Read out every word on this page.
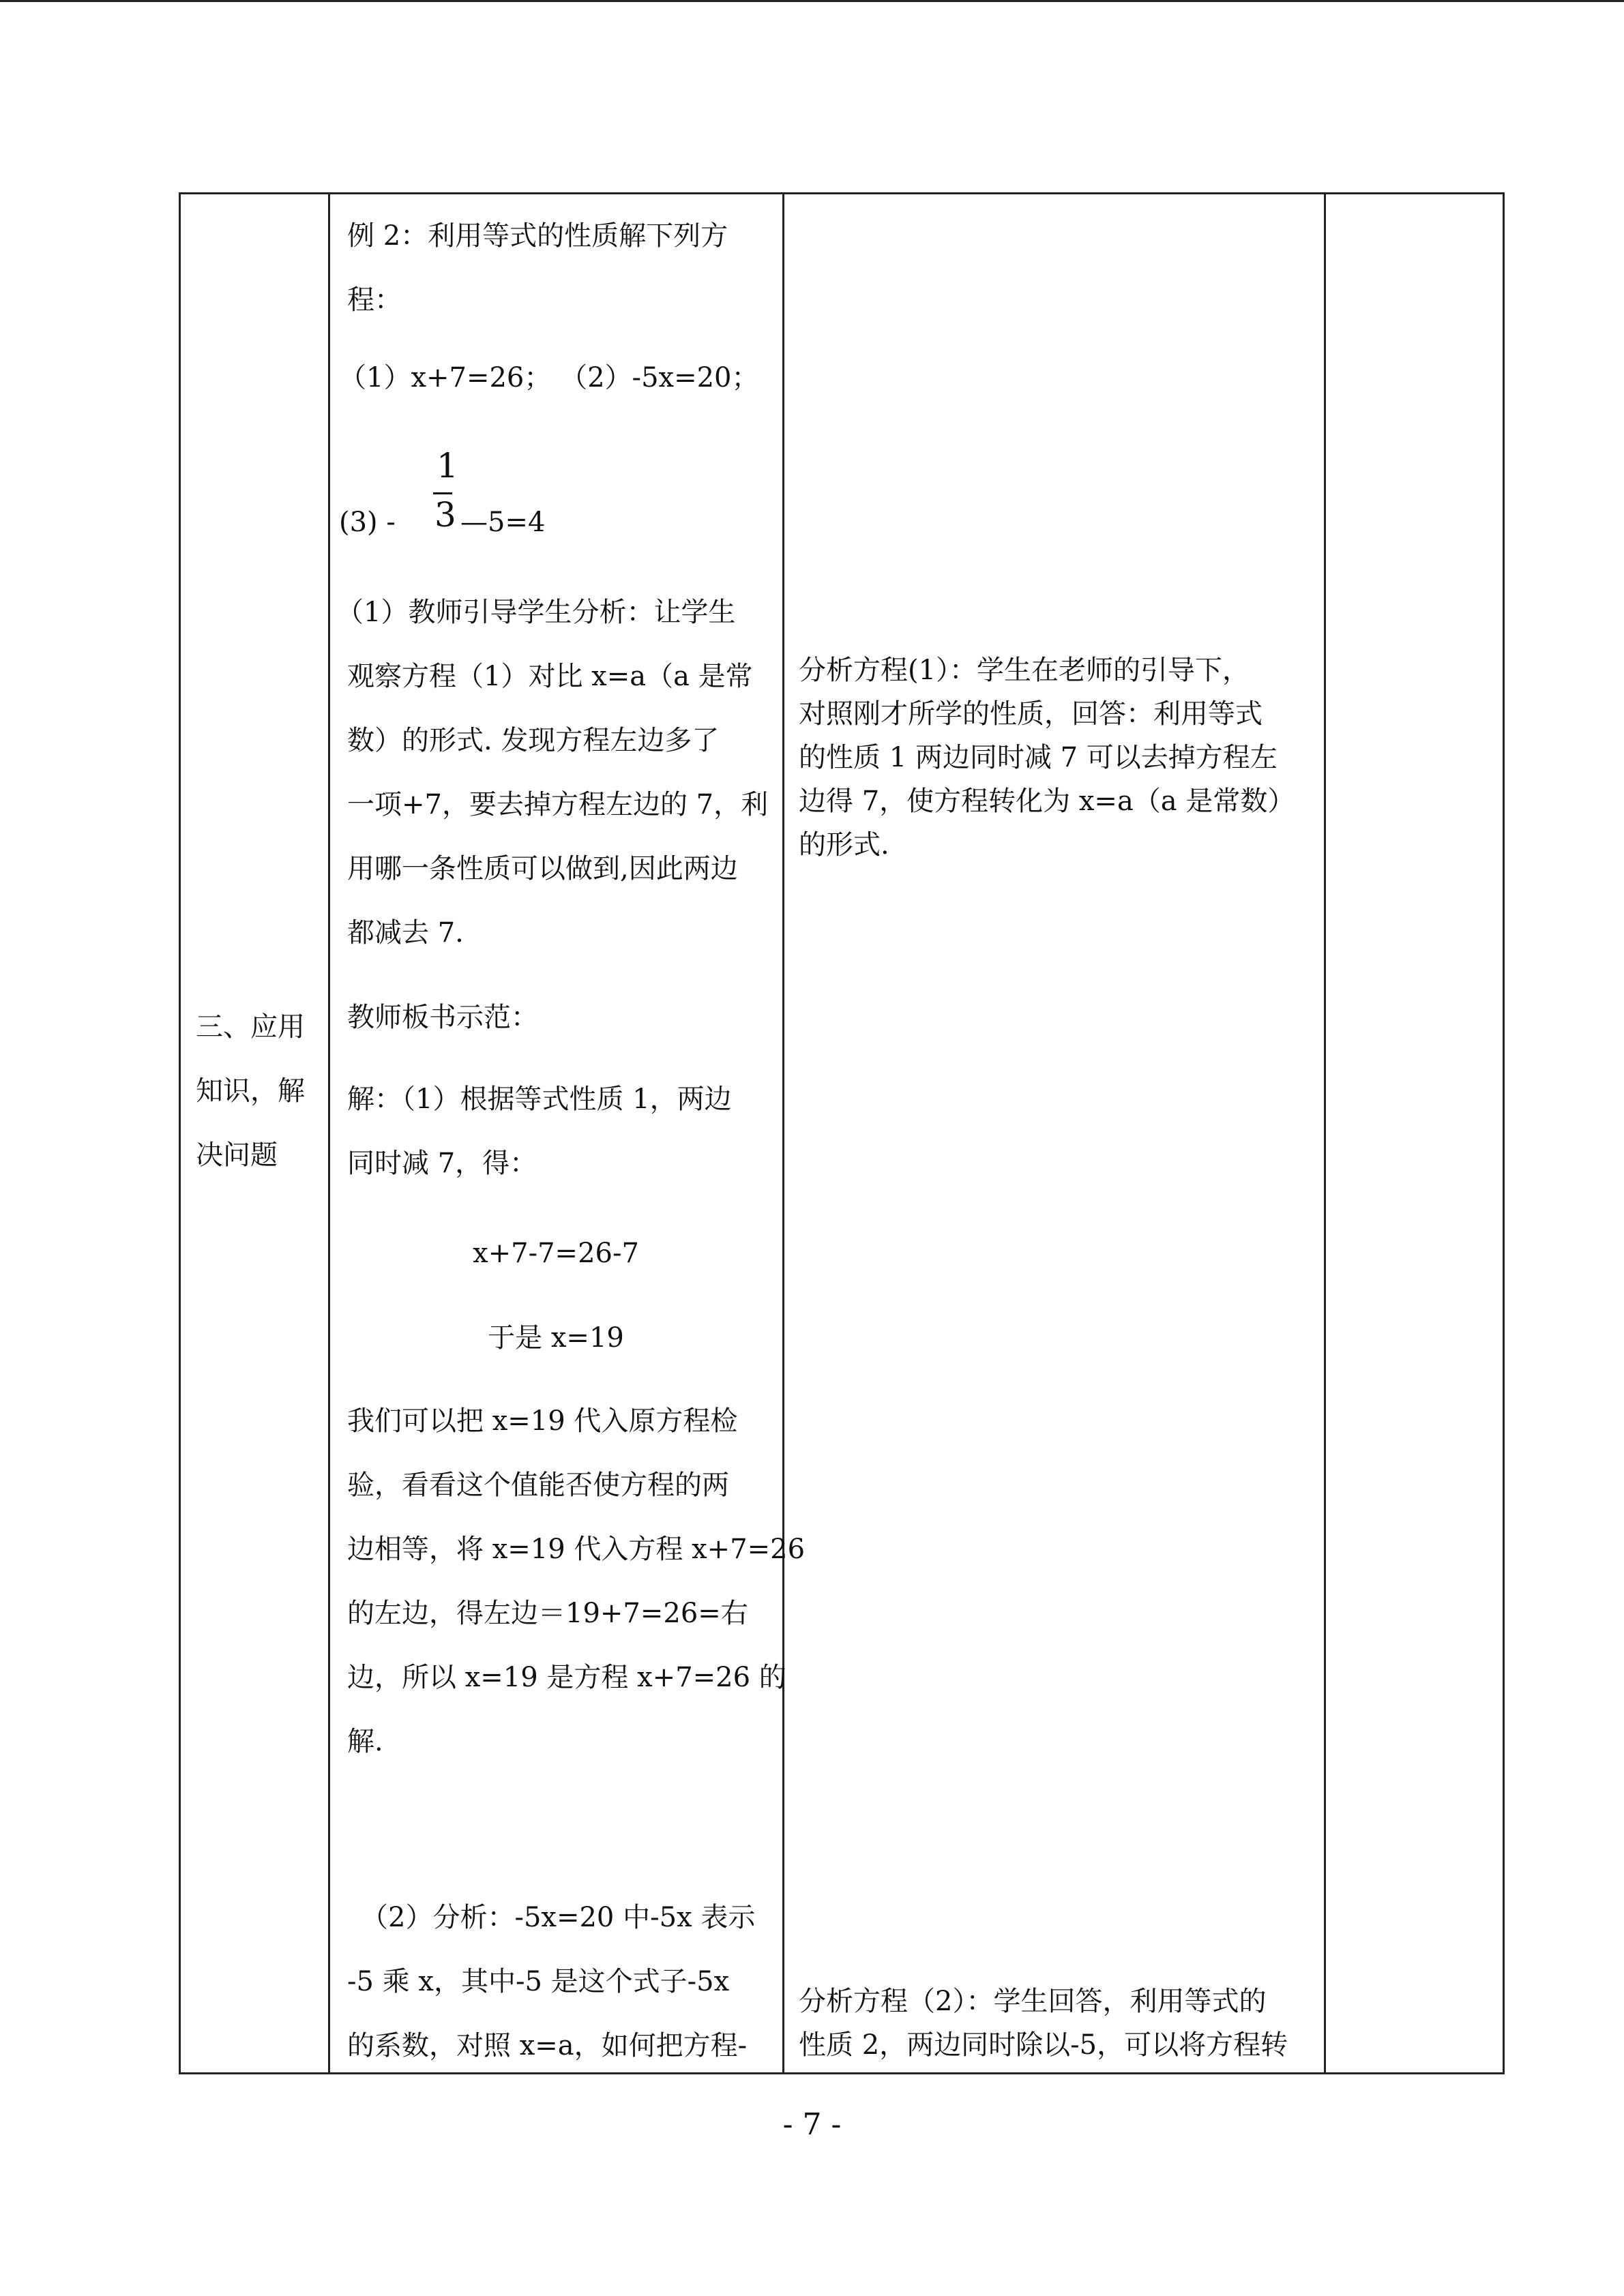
三、应用
知识，解
决问题
例 2：利用等式的性质解下列方
程：
（1）x+7=26； （2）-5x=20；
(3) -
1
3 —5=4
（1）教师引导学生分析：让学生
观察方程（1）对比 x=a（a 是常
数）的形式. 发现方程左边多了
一项+7，要去掉方程左边的 7，利
用哪一条性质可以做到,因此两边
都减去 7.
教师板书示范：
解：（1）根据等式性质 1，两边
同时减 7，得：
x+7-7=26-7
于是 x=19
我们可以把 x=19 代入原方程检
验，看看这个值能否使方程的两
边相等，将 x=19 代入方程 x+7=26
的左边，得左边＝19+7=26=右
边，所以 x=19 是方程 x+7=26 的
解.
（2）分析：-5x=20 中-5x 表示
-5 乘 x，其中-5 是这个式子-5x
的系数，对照 x=a，如何把方程-
分析方程(1）：学生在老师的引导下，
对照刚才所学的性质，回答：利用等式
的性质 1 两边同时减 7 可以去掉方程左
边得 7，使方程转化为 x=a（a 是常数）
的形式.
分析方程（2）：学生回答，利用等式的
性质 2，两边同时除以-5，可以将方程转
- 7 -
